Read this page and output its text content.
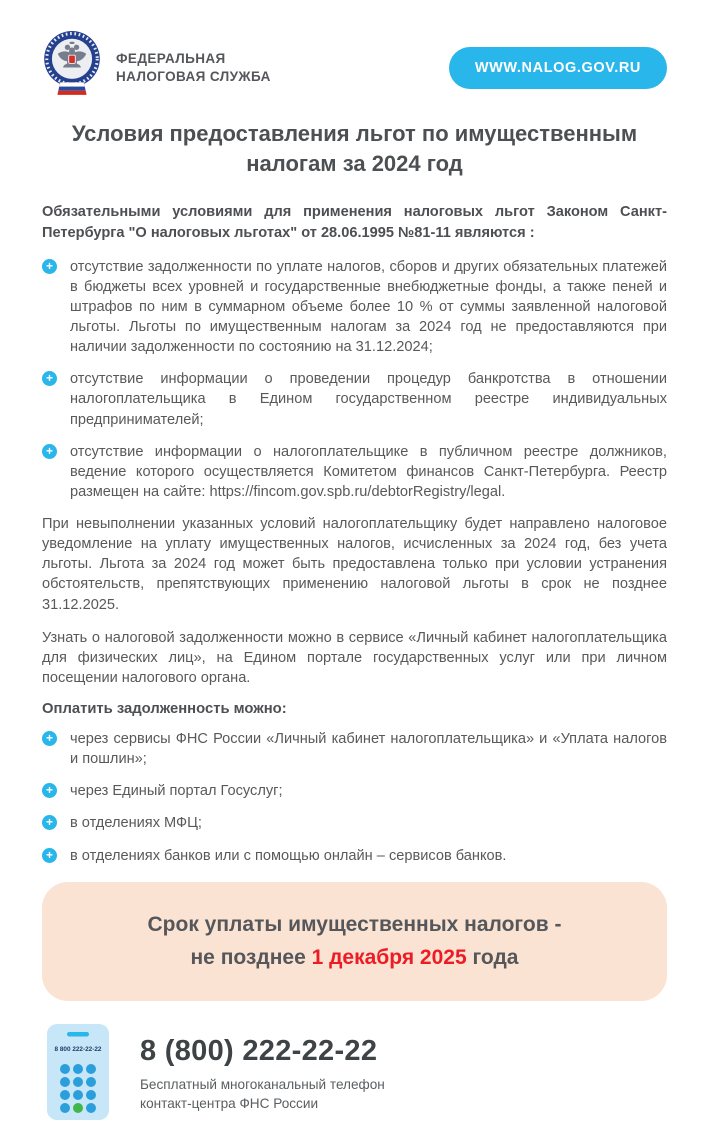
ФЕДЕРАЛЬНАЯ
НАЛОГОВАЯ СЛУЖБА
WWW.NALOG.GOV.RU
Условия предоставления льгот по имущественным налогам за 2024 год

Обязательными условиями для применения налоговых льгот Законом Санкт-Петербурга "О налоговых льготах" от 28.06.1995 №81-11 являются :

+ отсутствие задолженности по уплате налогов, сборов и других обязательных платежей в бюджеты всех уровней и государственные внебюджетные фонды, а также пеней и штрафов по ним в суммарном объеме более 10 % от суммы заявленной налоговой льготы. Льготы по имущественным налогам за 2024 год не предоставляются при наличии задолженности по состоянию на 31.12.2024;
+ отсутствие информации о проведении процедур банкротства в отношении налогоплательщика в Едином государственном реестре индивидуальных предпринимателей;
+ отсутствие информации о налогоплательщике в публичном реестре должников, ведение которого осуществляется Комитетом финансов Санкт-Петербурга. Реестр размещен на сайте: https://fincom.gov.spb.ru/debtorRegistry/legal.

При невыполнении указанных условий налогоплательщику будет направлено налоговое уведомление на уплату имущественных налогов, исчисленных за 2024 год, без учета льготы. Льгота за 2024 год может быть предоставлена только при условии устранения обстоятельств, препятствующих применению налоговой льготы в срок не позднее 31.12.2025.

Узнать о налоговой задолженности можно в сервисе «Личный кабинет налогоплательщика для физических лиц», на Едином портале государственных услуг или при личном посещении налогового органа.

Оплатить задолженность можно:
+ через сервисы ФНС России «Личный кабинет налогоплательщика» и «Уплата налогов и пошлин»;
+ через Единый портал Госуслуг;
+ в отделениях МФЦ;
+ в отделениях банков или с помощью онлайн – сервисов банков.
Срок уплаты имущественных налогов -
не позднее 1 декабря 2025 года
8 800 222-22-22 8 (800) 222-22-22
Бесплатный многоканальный телефон
контакт-центра ФНС России
